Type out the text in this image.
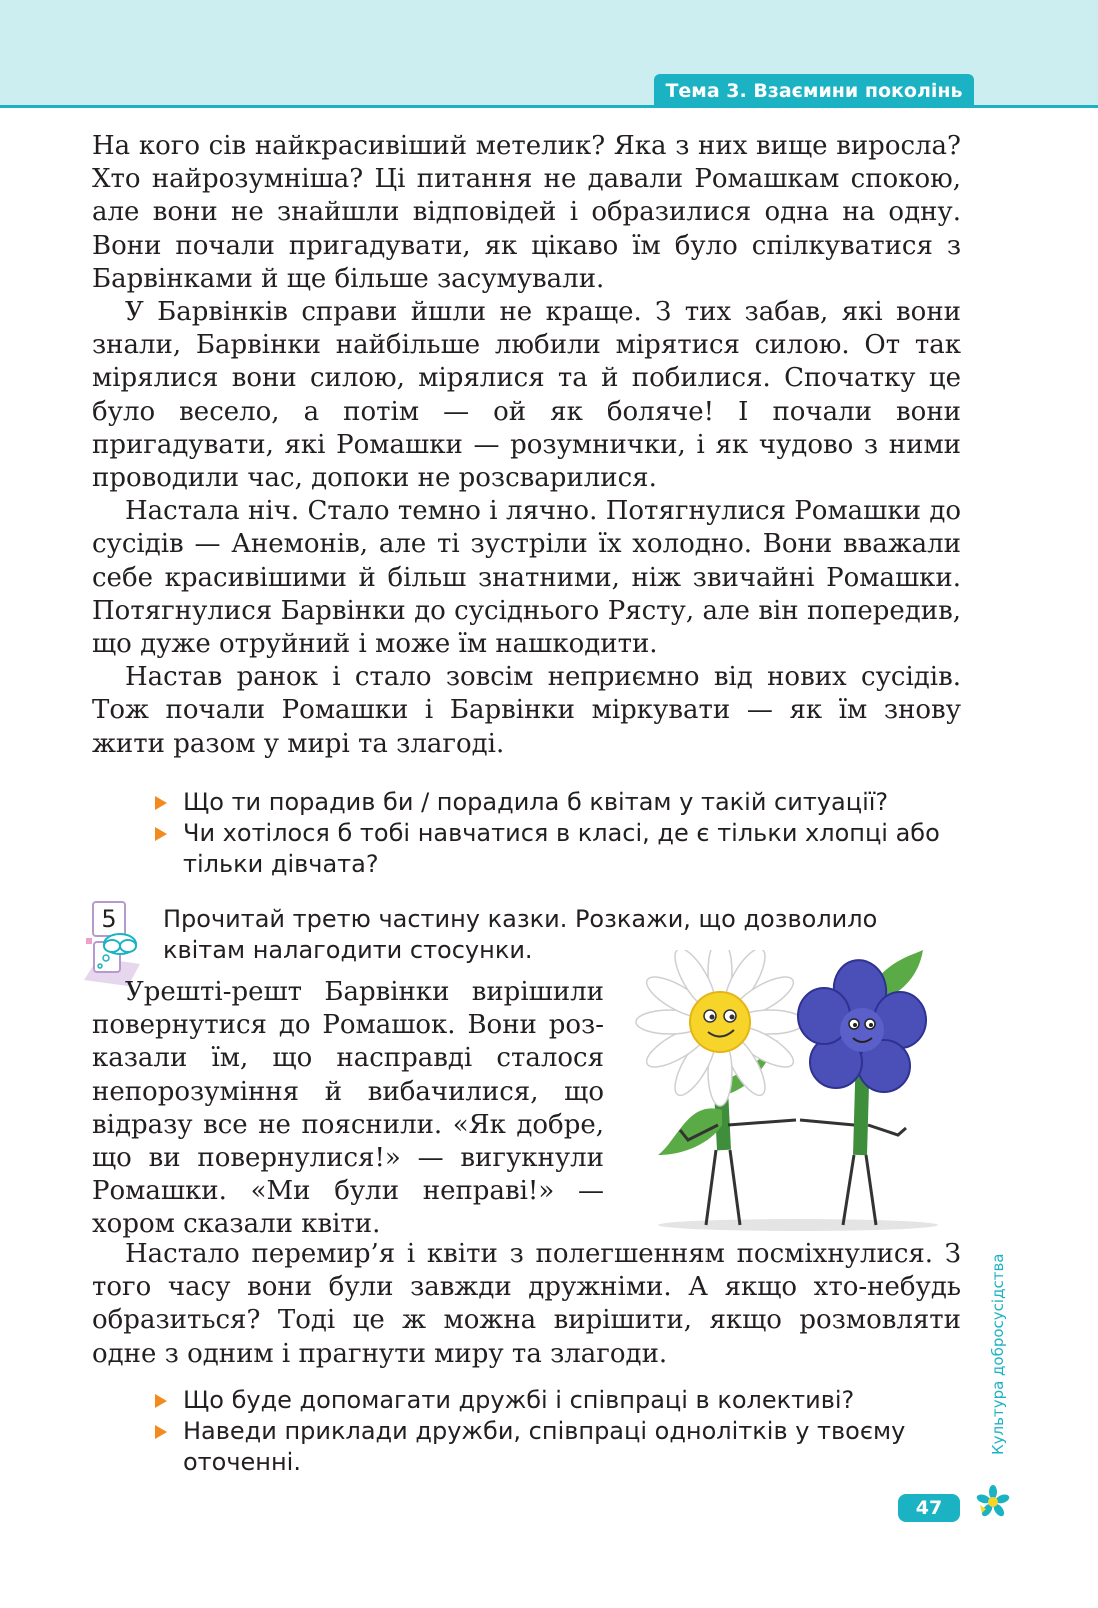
Тема 3. Взаємини поколінь

На кого сів найкрасивіший метелик? Яка з них вище виросла? Хто найрозумніша? Ці питання не давали Ромашкам спокою, але вони не знайшли відповідей і образилися одна на одну. Вони почали пригадувати, як цікаво їм було спілкуватися з Барвінками й ще більше засумували.

У Барвінків справи йшли не краще. З тих забав, які вони знали, Барвінки найбільше любили мірятися силою. От так мірялися вони силою, мірялися та й побилися. Спочатку це було весело, а потім — ой як боляче! І почали вони пригадувати, які Ромашки — розумнички, і як чудово з ними проводили час, допоки не розсварилися.

Настала ніч. Стало темно і лячно. Потягнулися Ромашки до сусідів — Анемонів, але ті зустріли їх холодно. Вони вважали себе красивішими й більш знатними, ніж звичайні Ромашки. Потягнулися Барвінки до сусіднього Рясту, але він попередив, що дуже отруйний і може їм нашкодити.

Настав ранок і стало зовсім неприємно від нових сусідів. Тож почали Ромашки і Барвінки міркувати — як їм знову жити разом у мирі та злагоді.

Що ти порадив би / порадила б квітам у такій ситуації?
Чи хотілося б тобі навчатися в класі, де є тільки хлопці або тільки дівчата?
5	Прочитай третю частину казки. Розкажи, що дозволило квітам налагодити стосунки.

Урешті-решт Барвінки вирішили

повернутися до Ромашок. Вони роз-

казали їм, що насправді сталося

непорозуміння й вибачилися, що

відразу все не пояснили. «Як добре,

що ви повернулися!» — вигукнули

Ромашки. «Ми були неправі!» —

хором сказали квіти.

Настало перемир’я і квіти з полегшенням посміхнулися. З того часу вони були завжди дружніми. А якщо хто-небудь образиться? Тоді це ж можна вирішити, якщо розмовляти одне з одним і прагнути миру та злагоди.

Що буде допомагати дружбі і співпраці в колективі?
Наведи приклади дружби, співпраці однолітків у твоєму оточенні.
Культура добросусідства
47
